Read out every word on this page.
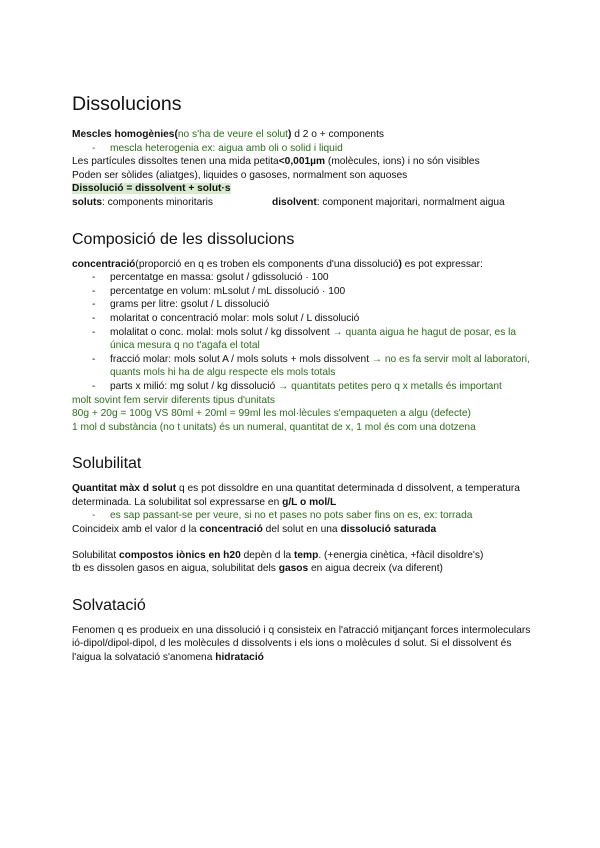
Dissolucions

Mescles homogènies(no s'ha de veure el solut) d 2 o + components

- mescla heterogenia ex: aigua amb oli o solid i liquid

Les partícules dissoltes tenen una mida petita<0,001µm (molècules, ions) i no són visibles

Poden ser sòlides (aliatges), liquides o gasoses, normalment son aquoses

Dissolució = dissolvent + solut·s

soluts: components minoritaris	disolvent: component majoritari, normalment aigua
Composició de les dissolucions

concentració(proporció en q es troben els components d'una dissolució) es pot expressar:

- percentatge en massa: gsolut / gdissolució · 100
- percentatge en volum: mLsolut / mL dissolució · 100
- grams per litre: gsolut / L dissolució
- molaritat o concentració molar: mols solut / L dissolució
- molalitat o conc. molal: mols solut / kg dissolvent → quanta aigua he hagut de posar, es la única mesura q no t'agafa el total
- fracció molar: mols solut A / mols soluts + mols dissolvent → no es fa servir molt al laboratori, quants mols hi ha de algu respecte els mols totals
- parts x milió: mg solut / kg dissolució → quantitats petites pero q x metalls és important

molt sovint fem servir diferents tipus d'unitats

80g + 20g = 100g VS 80ml + 20ml = 99ml les mol·lècules s'empaqueten a algu (defecte)

1 mol d substància (no t unitats) és un numeral, quantitat de x, 1 mol és com una dotzena

Solubilitat

Quantitat màx d solut q es pot dissoldre en una quantitat determinada d dissolvent, a temperatura determinada. La solubilitat sol expressarse en g/L o mol/L

- es sap passant-se per veure, si no et pases no pots saber fins on es, ex: torrada

Coincideix amb el valor d la concentració del solut en una dissolució saturada

Solubilitat compostos iònics en h20 depèn d la temp. (+energia cinètica, +fàcil disoldre's)

tb es dissolen gasos en aigua, solubilitat dels gasos en aigua decreix (va diferent)

Solvatació

Fenomen q es produeix en una dissolució i q consisteix en l'atracció mitjançant forces intermoleculars ió-dipol/dipol-dipol, d les molècules d dissolvents i els ions o molècules d solut. Si el dissolvent és l'aigua la solvatació s'anomena hidratació
